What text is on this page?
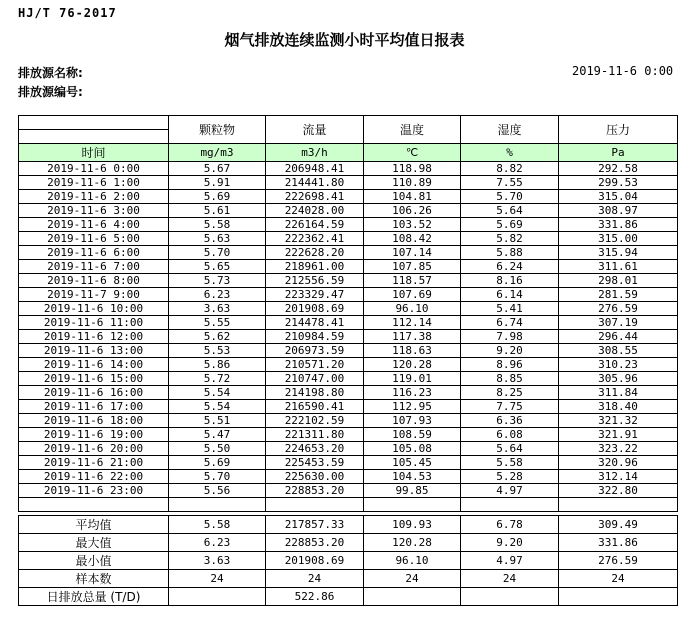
HJ/T 76-2017
烟气排放连续监测小时平均值日报表
排放源名称:
排放源编号:
2019-11-6 0:00
	颗粒物	流量	温度	湿度	压力

时间	mg/m3	m3/h	℃	%	Pa
2019-11-6 0:00	5.67	206948.41	118.98	8.82	292.58
2019-11-6 1:00	5.91	214441.80	110.89	7.55	299.53
2019-11-6 2:00	5.69	222698.41	104.81	5.70	315.04
2019-11-6 3:00	5.61	224028.00	106.26	5.64	308.97
2019-11-6 4:00	5.58	226164.59	103.52	5.69	331.86
2019-11-6 5:00	5.63	222362.41	108.42	5.82	315.00
2019-11-6 6:00	5.70	222628.20	107.14	5.88	315.94
2019-11-6 7:00	5.65	218961.00	107.85	6.24	311.61
2019-11-6 8:00	5.73	212556.59	118.57	8.16	298.01
2019-11-7 9:00	6.23	223329.47	107.69	6.14	281.59
2019-11-6 10:00	3.63	201908.69	96.10	5.41	276.59
2019-11-6 11:00	5.55	214478.41	112.14	6.74	307.19
2019-11-6 12:00	5.62	210984.59	117.38	7.98	296.44
2019-11-6 13:00	5.53	206973.59	118.63	9.20	308.55
2019-11-6 14:00	5.86	210571.20	120.28	8.96	310.23
2019-11-6 15:00	5.72	210747.00	119.01	8.85	305.96
2019-11-6 16:00	5.54	214198.80	116.23	8.25	311.84
2019-11-6 17:00	5.54	216590.41	112.95	7.75	318.40
2019-11-6 18:00	5.51	222102.59	107.93	6.36	321.32
2019-11-6 19:00	5.47	221311.80	108.59	6.08	321.91
2019-11-6 20:00	5.50	224653.20	105.08	5.64	323.22
2019-11-6 21:00	5.69	225453.59	105.45	5.58	320.96
2019-11-6 22:00	5.70	225630.00	104.53	5.28	312.14
2019-11-6 23:00	5.56	228853.20	99.85	4.97	322.80

平均值	5.58	217857.33	109.93	6.78	309.49
最大值	6.23	228853.20	120.28	9.20	331.86
最小值	3.63	201908.69	96.10	4.97	276.59
样本数	24	24	24	24	24
日排放总量 (T/D)		522.86			
